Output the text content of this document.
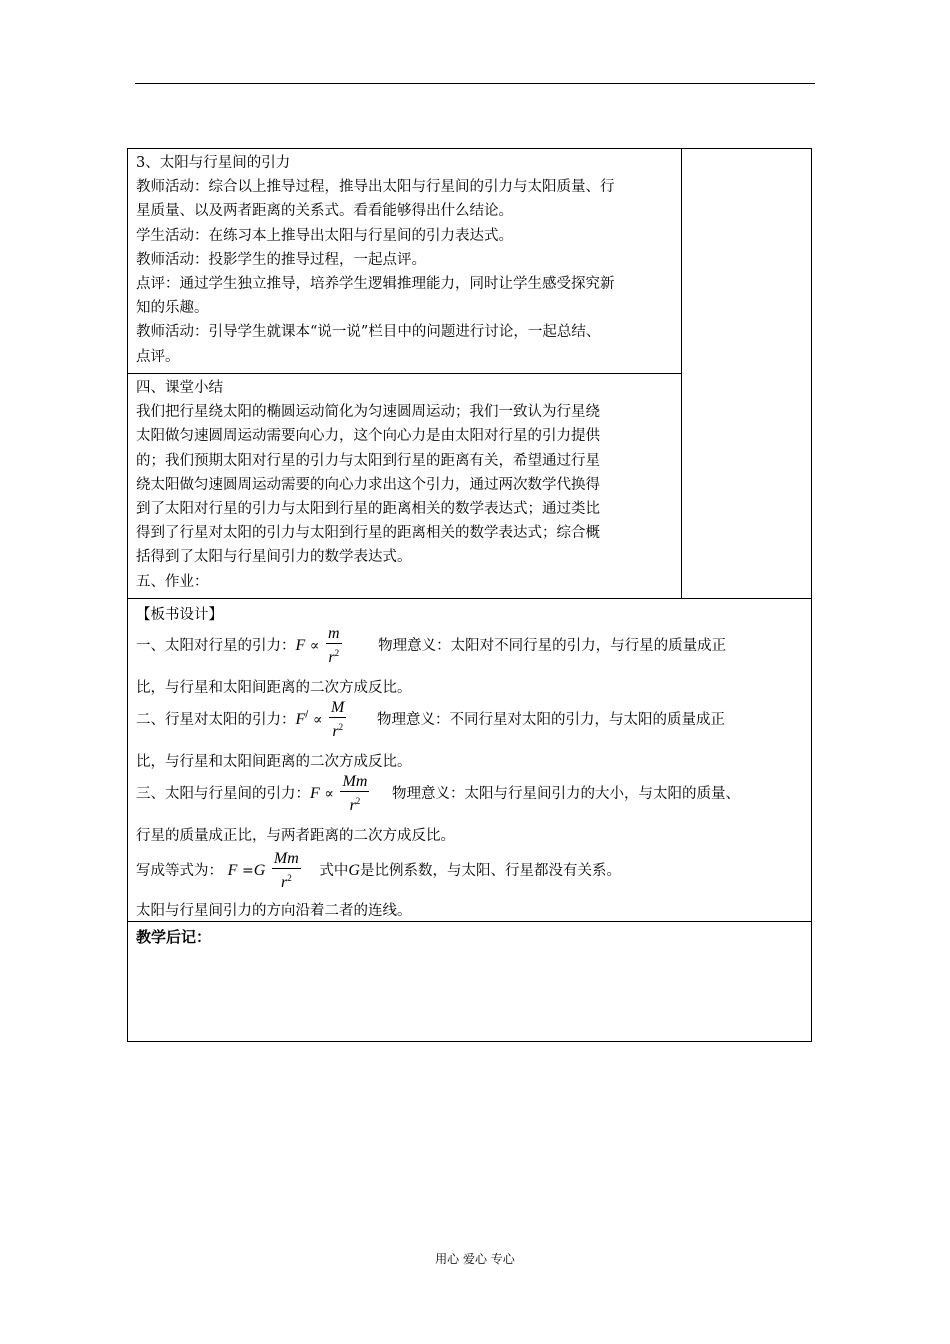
3、太阳与行星间的引力
教师活动：综合以上推导过程，推导出太阳与行星间的引力与太阳质量、行
星质量、以及两者距离的关系式。看看能够得出什么结论。
学生活动：在练习本上推导出太阳与行星间的引力表达式。
教师活动：投影学生的推导过程，一起点评。
点评：通过学生独立推导，培养学生逻辑推理能力，同时让学生感受探究新
知的乐趣。
教师活动：引导学生就课本“说一说”栏目中的问题进行讨论，一起总结、
点评。
四、课堂小结
我们把行星绕太阳的椭圆运动简化为匀速圆周运动；我们一致认为行星绕
太阳做匀速圆周运动需要向心力，这个向心力是由太阳对行星的引力提供
的；我们预期太阳对行星的引力与太阳到行星的距离有关，希望通过行星
绕太阳做匀速圆周运动需要的向心力求出这个引力，通过两次数学代换得
到了太阳对行星的引力与太阳到行星的距离相关的数学表达式；通过类比
得到了行星对太阳的引力与太阳到行星的距离相关的数学表达式；综合概
括得到了太阳与行星间引力的数学表达式。
五、作业：
【板书设计】
一、太阳对行星的引力：$F \propto \frac{m}{r^2}$	物理意义：太阳对不同行星的引力，与行星的质量成正
比，与行星和太阳间距离的二次方成反比。
二、行星对太阳的引力：$F^/ \propto \frac{M}{r^2}$ 物理意义：不同行星对太阳的引力，与太阳的质量成正
比，与行星和太阳间距离的二次方成反比。
三、太阳与行星间的引力：$F \propto \frac{Mm}{r^2}$ 物理意义：太阳与行星间引力的大小，与太阳的质量、
行星的质量成正比，与两者距离的二次方成反比。
写成等式为： $F =G \frac{Mm}{r^2}$ 式中G是比例系数，与太阳、行星都没有关系。
太阳与行星间引力的方向沿着二者的连线。
教学后记：
用心 爱心 专心
